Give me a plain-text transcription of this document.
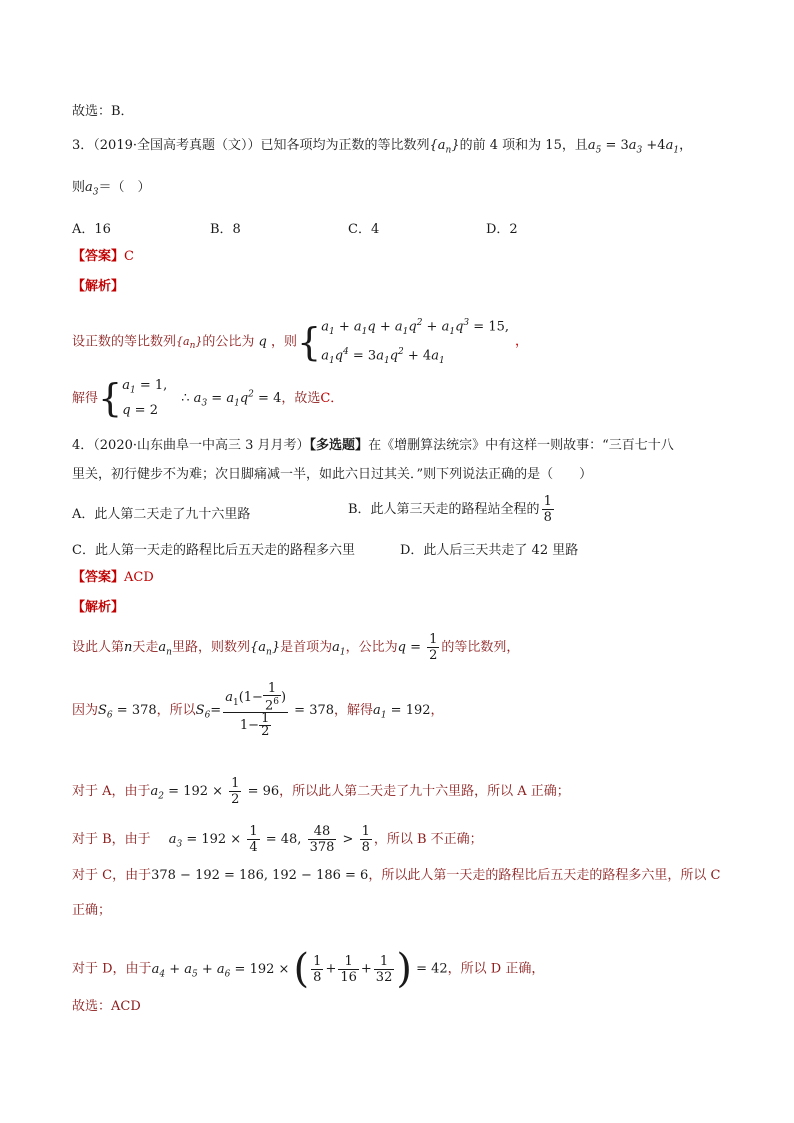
故选：B．
3．（2019·全国高考真题（文））已知各项均为正数的等比数列$\{a_n\}$的前 4 项和为 15，且$a_5 = 3a_3 +4a_1$，
则$a_3=$（　）
A．16	B．8	C．4	D．2
【答案】C
【解析】
设正数的等比数列$\{a_n\}$的公比为 q ，则{$a_1 + a_1q + a_1q^2 + a_1q^3 = 15$,
$a_1q^4 = 3a_1q^2 + 4a_1$，
解得{$a_1 = 1$,
q = 2∴ $a_3 = a_1q^2 = 4$，故选C．
4．（2020·山东曲阜一中高三 3 月月考）【多选题】在《增删算法统宗》中有这样一则故事：“三百七十八
里关，初行健步不为难；次日脚痛减一半，如此六日过其关．”则下列说法正确的是（　　）
A．此人第二天走了九十六里路	B．此人第三天走的路程站全程的 $\frac{1}{8}$
C．此人第一天走的路程比后五天走的路程多六里	D．此人后三天共走了 42 里路
【答案】ACD
【解析】
设此人第n天走$a_n$里路，则数列$\{a_n\}$是首项为$a_1$，公比为$q = \frac{1}{2}$ 的等比数列，
因为$S_6 = 378$，所以$S_6= \frac{a_1(1- \frac{1}{2^6} )}{1- \frac{1}{2}} = 378$，解得$a_1 = 192$，
对于 A，由于$a_2 = 192 \times \frac{1}{2} = 96$，所以此人第二天走了九十六里路，所以 A 正确；
对于 B，由于 $a_3 = 192 \times \frac{1}{4} = 48$, $\frac{48}{378} > \frac{1}{8}$ ，所以 B 不正确；
对于 C，由于378 − 192 = 186, 192 − 186 = 6，所以此人第一天走的路程比后五天走的路程多六里，所以 C
正确；
对于 D，由于$a_4 + a_5 + a_6 = 192$ × ( $\frac{1}{8} + \frac{1}{16} + \frac{1}{32}$ ) = 42，所以 D 正确，
故选：ACD
